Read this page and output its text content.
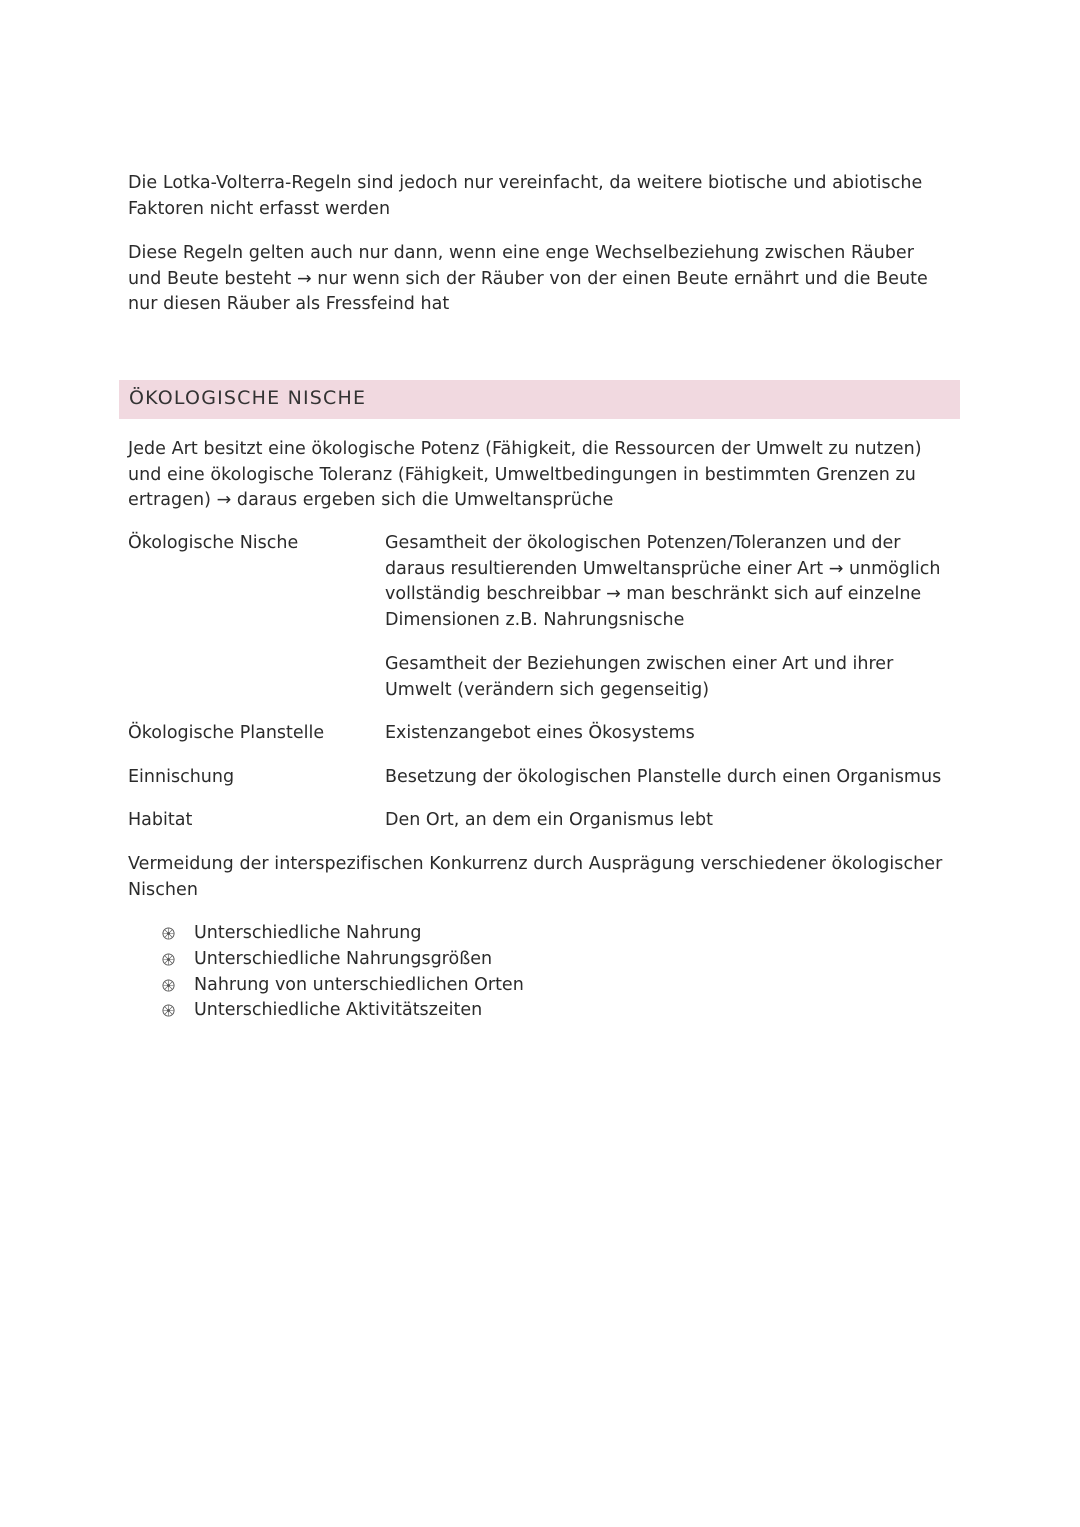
Die Lotka-Volterra-Regeln sind jedoch nur vereinfacht, da weitere biotische und abiotische Faktoren nicht erfasst werden

Diese Regeln gelten auch nur dann, wenn eine enge Wechselbeziehung zwischen Räuber und Beute besteht → nur wenn sich der Räuber von der einen Beute ernährt und die Beute nur diesen Räuber als Fressfeind hat

ÖKOLOGISCHE NISCHE

Jede Art besitzt eine ökologische Potenz (Fähigkeit, die Ressourcen der Umwelt zu nutzen) und eine ökologische Toleranz (Fähigkeit, Umweltbedingungen in bestimmten Grenzen zu ertragen) → daraus ergeben sich die Umweltansprüche

Ökologische Nische	Gesamtheit der ökologischen Potenzen/Toleranzen und der daraus resultierenden Umweltansprüche einer Art → unmöglich vollständig beschreibbar → man beschränkt sich auf einzelne Dimensionen z.B. Nahrungsnische
Gesamtheit der Beziehungen zwischen einer Art und ihrer Umwelt (verändern sich gegenseitig)
Ökologische Planstelle	Existenzangebot eines Ökosystems
Einnischung	Besetzung der ökologischen Planstelle durch einen Organismus
Habitat	Den Ort, an dem ein Organismus lebt

Vermeidung der interspezifischen Konkurrenz durch Ausprägung verschiedener ökologischer Nischen

Unterschiedliche Nahrung
Unterschiedliche Nahrungsgrößen
Nahrung von unterschiedlichen Orten
Unterschiedliche Aktivitätszeiten
